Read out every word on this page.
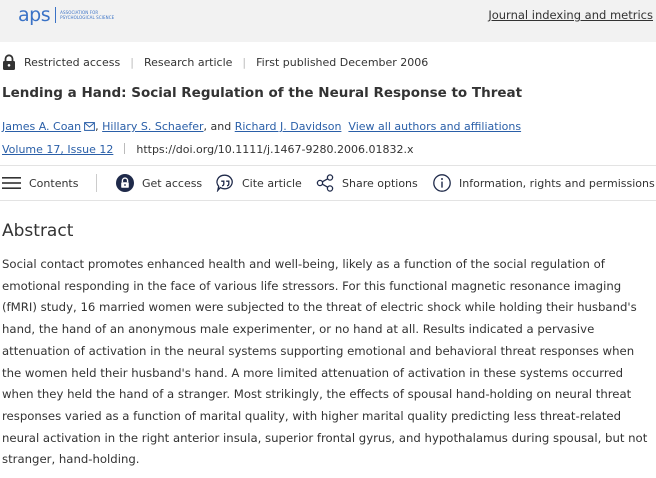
aps	ASSOCIATION FOR
PSYCHOLOGICAL SCIENCE	Journal indexing and metrics
Restricted access | Research article | First published December 2006
Lending a Hand: Social Regulation of the Neural Response to Threat
James A. Coan , Hillary S. Schaefer, and Richard J. Davidson View all authors and affiliations
Volume 17, Issue 12 https://doi.org/10.1111/j.1467-9280.2006.01832.x
Contents	Get access	Cite article	Share options	Information, rights and permissions
Abstract

Social contact promotes enhanced health and well-being, likely as a function of the social regulation of emotional responding in the face of various life stressors. For this functional magnetic resonance imaging (fMRI) study, 16 married women were subjected to the threat of electric shock while holding their husband's hand, the hand of an anonymous male experimenter, or no hand at all. Results indicated a pervasive attenuation of activation in the neural systems supporting emotional and behavioral threat responses when the women held their husband's hand. A more limited attenuation of activation in these systems occurred when they held the hand of a stranger. Most strikingly, the effects of spousal hand-holding on neural threat responses varied as a function of marital quality, with higher marital quality predicting less threat-related neural activation in the right anterior insula, superior frontal gyrus, and hypothalamus during spousal, but not stranger, hand-holding.
